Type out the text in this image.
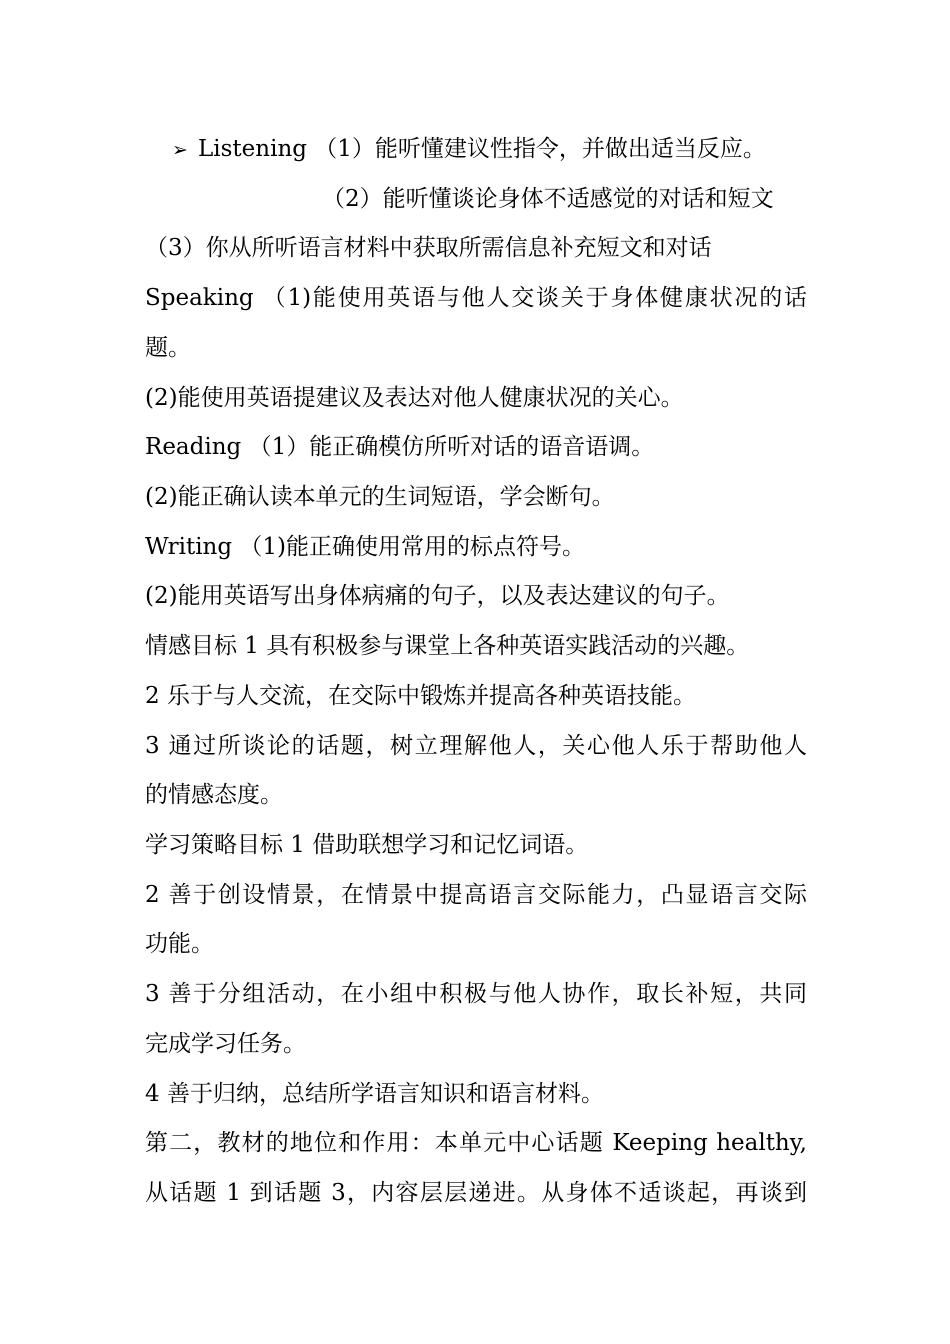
➢ Listening （1）能听懂建议性指令，并做出适当反应。
（2）能听懂谈论身体不适感觉的对话和短文
（3）你从所听语言材料中获取所需信息补充短文和对话
Speaking （1)能使用英语与他人交谈关于身体健康状况的话
题。
(2)能使用英语提建议及表达对他人健康状况的关心。
Reading （1）能正确模仿所听对话的语音语调。
(2)能正确认读本单元的生词短语，学会断句。
Writing （1)能正确使用常用的标点符号。
(2)能用英语写出身体病痛的句子，以及表达建议的句子。
情感目标 1 具有积极参与课堂上各种英语实践活动的兴趣。
2 乐于与人交流，在交际中锻炼并提高各种英语技能。
3 通过所谈论的话题，树立理解他人，关心他人乐于帮助他人
的情感态度。
学习策略目标 1 借助联想学习和记忆词语。
2 善于创设情景，在情景中提高语言交际能力，凸显语言交际
功能。
3 善于分组活动，在小组中积极与他人协作，取长补短，共同
完成学习任务。
4 善于归纳，总结所学语言知识和语言材料。
第二，教材的地位和作用：本单元中心话题 Keeping healthy,
从话题 1 到话题 3，内容层层递进。从身体不适谈起，再谈到
